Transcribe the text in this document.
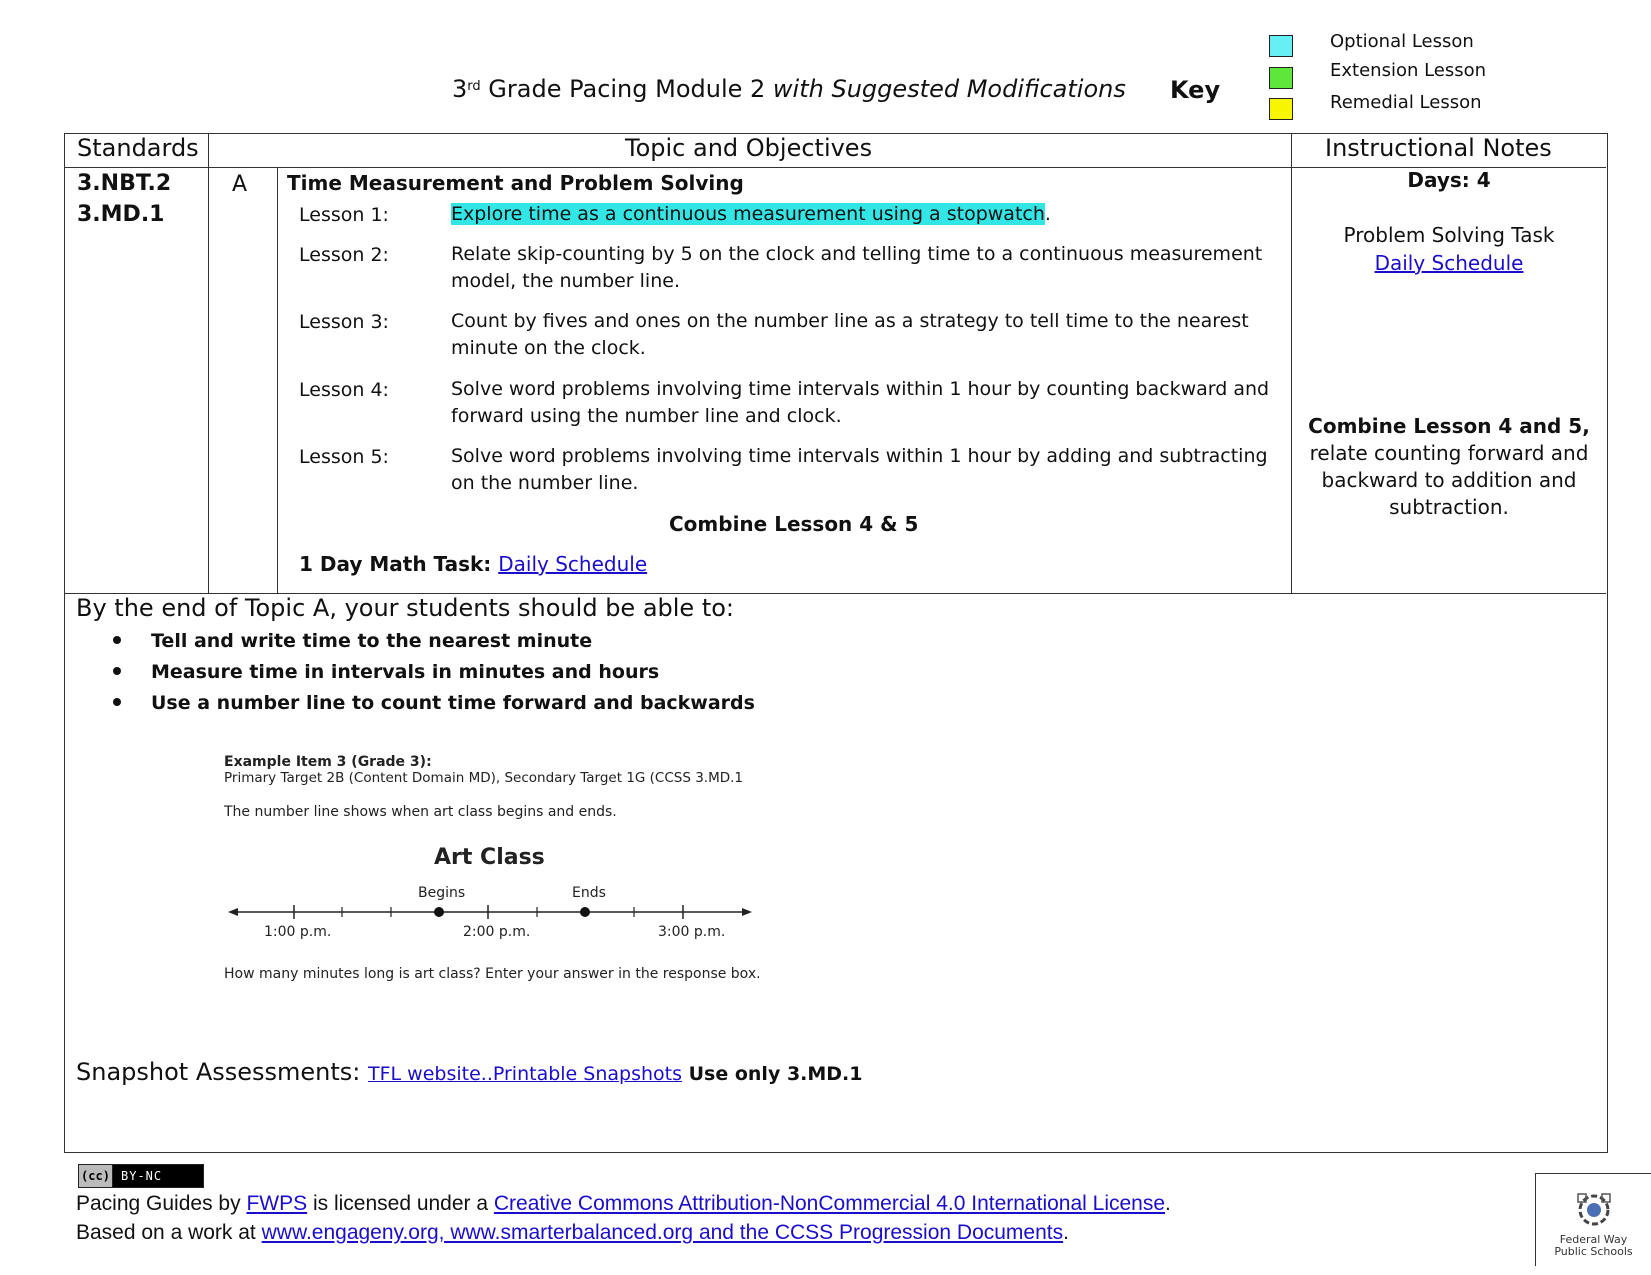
3rd Grade Pacing Module 2 with Suggested Modifications Key
Optional Lesson
Extension Lesson
Remedial Lesson
Standards	Topic and Objectives	Instructional Notes
3.NBT.2
3.MD.1
A Time Measurement and Problem Solving
Lesson 1:	Explore time as a continuous measurement using a stopwatch.
Lesson 2:	Relate skip-counting by 5 on the clock and telling time to a continuous measurement model, the number line.
Lesson 3:	Count by fives and ones on the number line as a strategy to tell time to the nearest minute on the clock.
Lesson 4:	Solve word problems involving time intervals within 1 hour by counting backward and forward using the number line and clock.
Lesson 5:	Solve word problems involving time intervals within 1 hour by adding and subtracting on the number line.
Combine Lesson 4 & 5
1 Day Math Task: Daily Schedule
Days: 4
Problem Solving Task
Daily Schedule
Combine Lesson 4 and 5,
relate counting forward and backward to addition and subtraction.
By the end of Topic A, your students should be able to:
Tell and write time to the nearest minute
Measure time in intervals in minutes and hours
Use a number line to count time forward and backwards
Example Item 3 (Grade 3):
Primary Target 2B (Content Domain MD), Secondary Target 1G (CCSS 3.MD.1
The number line shows when art class begins and ends.
Art Class
Begins	Ends
1:00 p.m.	2:00 p.m.	3:00 p.m.
How many minutes long is art class? Enter your answer in the response box.
Snapshot Assessments: TFL website..Printable Snapshots Use only 3.MD.1
(cc) BY-NC
Pacing Guides by FWPS is licensed under a Creative Commons Attribution-NonCommercial 4.0 International License.
Based on a work at www.engageny.org, www.smarterbalanced.org and the CCSS Progression Documents.	Federal Way
Public Schools
